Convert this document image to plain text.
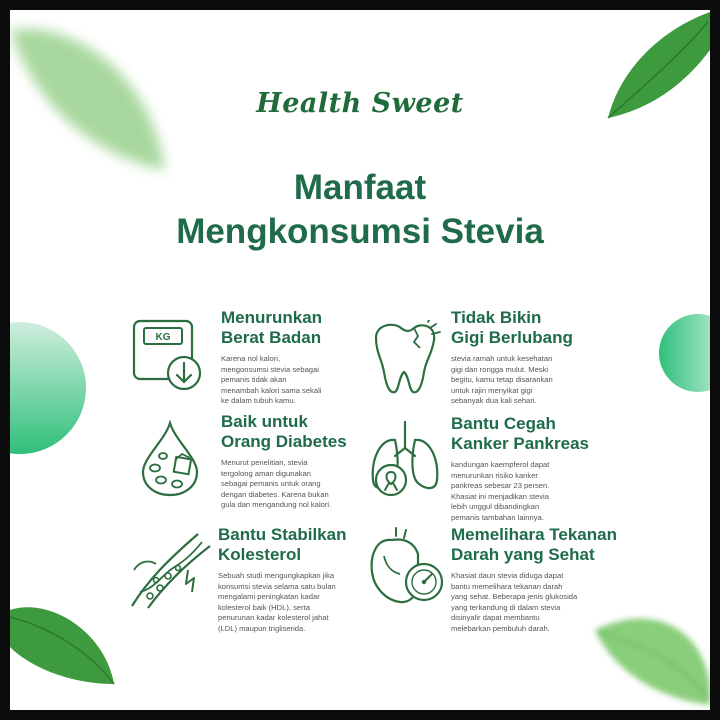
Health Sweet
Manfaat
Mengkonsumsi Stevia
KG
Menurunkan
Berat Badan

Karena nol kalori,
mengonsumsi stevia sebagai
pemanis tidak akan
menambah kalori sama sekali
ke dalam tubuh kamu.

Tidak Bikin
Gigi Berlubang

stevia ramah untuk kesehatan
gigi dan rongga mulut. Meski
begitu, kamu tetap disarankan
untuk rajin menyikat gigi
sebanyak dua kali sehari.

Baik untuk
Orang Diabetes

Menurut penelitian, stevia
tergolong aman digunakan
sebagai pemanis untuk orang
dengan diabetes. Karena bukan
gula dan mengandung nol kalori.

Bantu Cegah
Kanker Pankreas

kandungan kaempferol dapat
menurunkan risiko kanker
pankreas sebesar 23 persen.
Khasiat ini menjadikan stevia
lebih unggul dibandingkan
pemanis tambahan lainnya.

Bantu Stabilkan
Kolesterol

Sebuah studi mengungkapkan jika
konsumsi stevia selama satu bulan
mengalami peningkatan kadar
kolesterol baik (HDL), serta
penurunan kadar kolesterol jahat
(LDL) maupun trigliserida.

Memelihara Tekanan
Darah yang Sehat

Khasiat daun stevia diduga dapat
bantu memelihara tekanan darah
yang sehat. Beberapa jenis glukosida
yang terkandung di dalam stevia
disinyalir dapat membantu
melebarkan pembuluh darah.
